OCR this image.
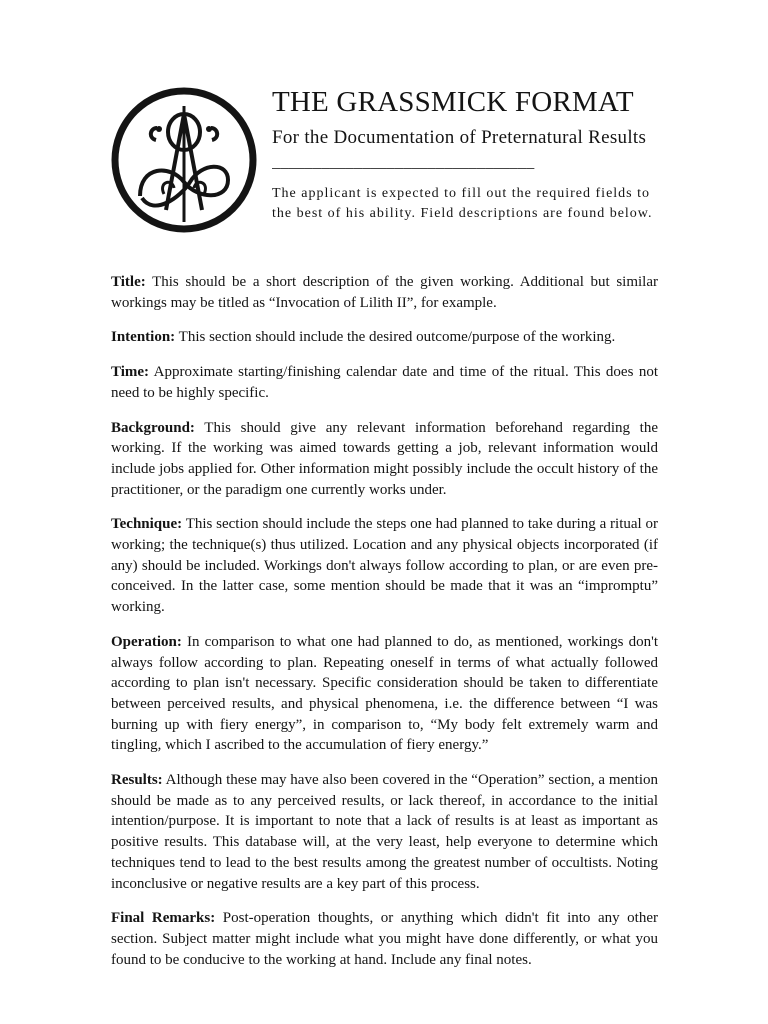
THE GRASSMICK FORMAT
For the Documentation of Preternatural Results
________________________________
The applicant is expected to fill out the required fields to the best of his ability. Field descriptions are found below.

Title: This should be a short description of the given working. Additional but similar workings may be titled as “Invocation of Lilith II”, for example.

Intention: This section should include the desired outcome/purpose of the working.

Time: Approximate starting/finishing calendar date and time of the ritual. This does not need to be highly specific.

Background: This should give any relevant information beforehand regarding the working. If the working was aimed towards getting a job, relevant information would include jobs applied for. Other information might possibly include the occult history of the practitioner, or the paradigm one currently works under.

Technique: This section should include the steps one had planned to take during a ritual or working; the technique(s) thus utilized. Location and any physical objects incorporated (if any) should be included. Workings don't always follow according to plan, or are even pre-conceived. In the latter case, some mention should be made that it was an “impromptu” working.

Operation: In comparison to what one had planned to do, as mentioned, workings don't always follow according to plan. Repeating oneself in terms of what actually followed according to plan isn't necessary. Specific consideration should be taken to differentiate between perceived results, and physical phenomena, i.e. the difference between “I was burning up with fiery energy”, in comparison to, “My body felt extremely warm and tingling, which I ascribed to the accumulation of fiery energy.”

Results: Although these may have also been covered in the “Operation” section, a mention should be made as to any perceived results, or lack thereof, in accordance to the initial intention/purpose. It is important to note that a lack of results is at least as important as positive results. This database will, at the very least, help everyone to determine which techniques tend to lead to the best results among the greatest number of occultists. Noting inconclusive or negative results are a key part of this process.

Final Remarks: Post-operation thoughts, or anything which didn't fit into any other section. Subject matter might include what you might have done differently, or what you found to be conducive to the working at hand. Include any final notes.
